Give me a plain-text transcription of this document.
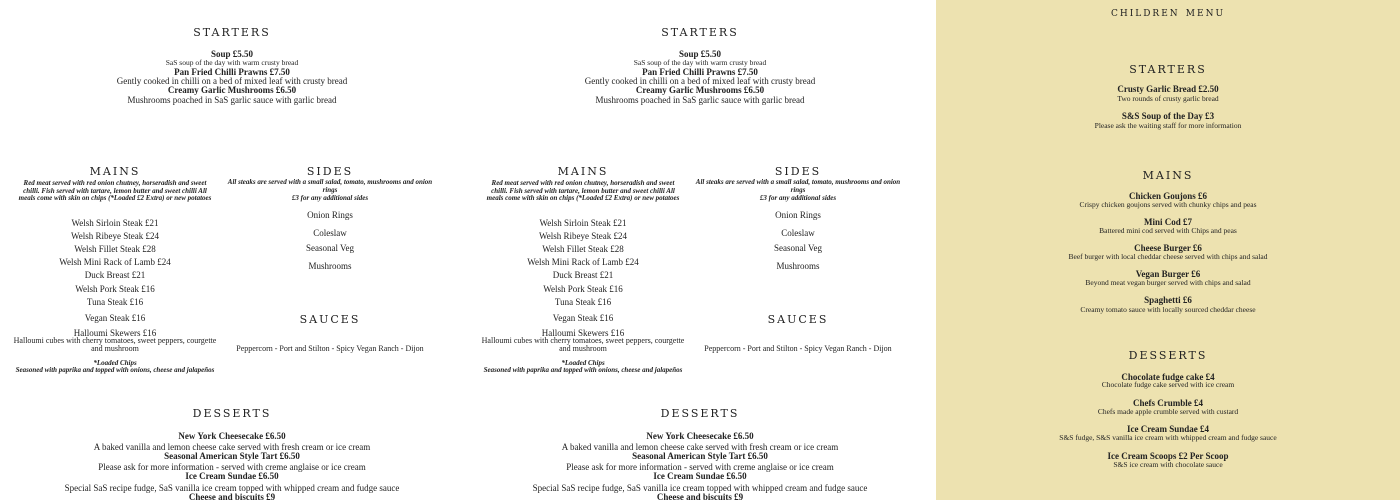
starters
Soup £5.50
SaS soup of the day with warm crusty bread
Pan Fried Chilli Prawns £7.50
Gently cooked in chilli on a bed of mixed leaf with crusty bread
Creamy Garlic Mushrooms £6.50
Mushrooms poached in SaS garlic sauce with garlic bread
mains
Red meat served with red onion chutney, horseradish and sweet chilli. Fish served with tartare, lemon butter and sweet chilli All meals come with skin on chips (*Loaded £2 Extra) or new potatoes
Welsh Sirloin Steak £21
Welsh Ribeye Steak £24
Welsh Fillet Steak £28
Welsh Mini Rack of Lamb £24
Duck Breast £21
Welsh Pork Steak £16
Tuna Steak £16
Vegan Steak £16
Halloumi Skewers £16
Halloumi cubes with cherry tomatoes, sweet peppers, courgette and mushroom
*Loaded Chips
Seasoned with paprika and topped with onions, cheese and jalapeños
sides
All steaks are served with a small salad, tomato, mushrooms and onion rings
£3 for any additional sides
Onion Rings
Coleslaw
Seasonal Veg
Mushrooms
sauces
Peppercorn - Port and Stilton - Spicy Vegan Ranch - Dijon
desserts
New York Cheesecake £6.50
A baked vanilla and lemon cheese cake served with fresh cream or ice cream
Seasonal American Style Tart £6.50
Please ask for more information - served with creme anglaise or ice cream
Ice Cream Sundae £6.50
Special SaS recipe fudge, SaS vanilla ice cream topped with whipped cream and fudge sauce
Cheese and biscuits £9
starters
Soup £5.50
SaS soup of the day with warm crusty bread
Pan Fried Chilli Prawns £7.50
Gently cooked in chilli on a bed of mixed leaf with crusty bread
Creamy Garlic Mushrooms £6.50
Mushrooms poached in SaS garlic sauce with garlic bread
mains
Red meat served with red onion chutney, horseradish and sweet chilli. Fish served with tartare, lemon butter and sweet chilli All meals come with skin on chips (*Loaded £2 Extra) or new potatoes
Welsh Sirloin Steak £21
Welsh Ribeye Steak £24
Welsh Fillet Steak £28
Welsh Mini Rack of Lamb £24
Duck Breast £21
Welsh Pork Steak £16
Tuna Steak £16
Vegan Steak £16
Halloumi Skewers £16
Halloumi cubes with cherry tomatoes, sweet peppers, courgette and mushroom
*Loaded Chips
Seasoned with paprika and topped with onions, cheese and jalapeños
sides
All steaks are served with a small salad, tomato, mushrooms and onion rings
£3 for any additional sides
Onion Rings
Coleslaw
Seasonal Veg
Mushrooms
sauces
Peppercorn - Port and Stilton - Spicy Vegan Ranch - Dijon
desserts
New York Cheesecake £6.50
A baked vanilla and lemon cheese cake served with fresh cream or ice cream
Seasonal American Style Tart £6.50
Please ask for more information - served with creme anglaise or ice cream
Ice Cream Sundae £6.50
Special SaS recipe fudge, SaS vanilla ice cream topped with whipped cream and fudge sauce
Cheese and biscuits £9
children menu
starters
Crusty Garlic Bread £2.50
Two rounds of crusty garlic bread
S&S Soup of the Day £3
Please ask the waiting staff for more information
mains
Chicken Goujons £6
Crispy chicken goujons served with chunky chips and peas
Mini Cod £7
Battered mini cod served with Chips and peas
Cheese Burger £6
Beef burger with local cheddar cheese served with chips and salad
Vegan Burger £6
Beyond meat vegan burger served with chips and salad
Spaghetti £6
Creamy tomato sauce with locally sourced cheddar cheese
desserts
Chocolate fudge cake £4
Chocolate fudge cake served with ice cream
Chefs Crumble £4
Chefs made apple crumble served with custard
Ice Cream Sundae £4
S&S fudge, S&S vanilla ice cream with whipped cream and fudge sauce
Ice Cream Scoops £2 Per Scoop
S&S ice cream with chocolate sauce
